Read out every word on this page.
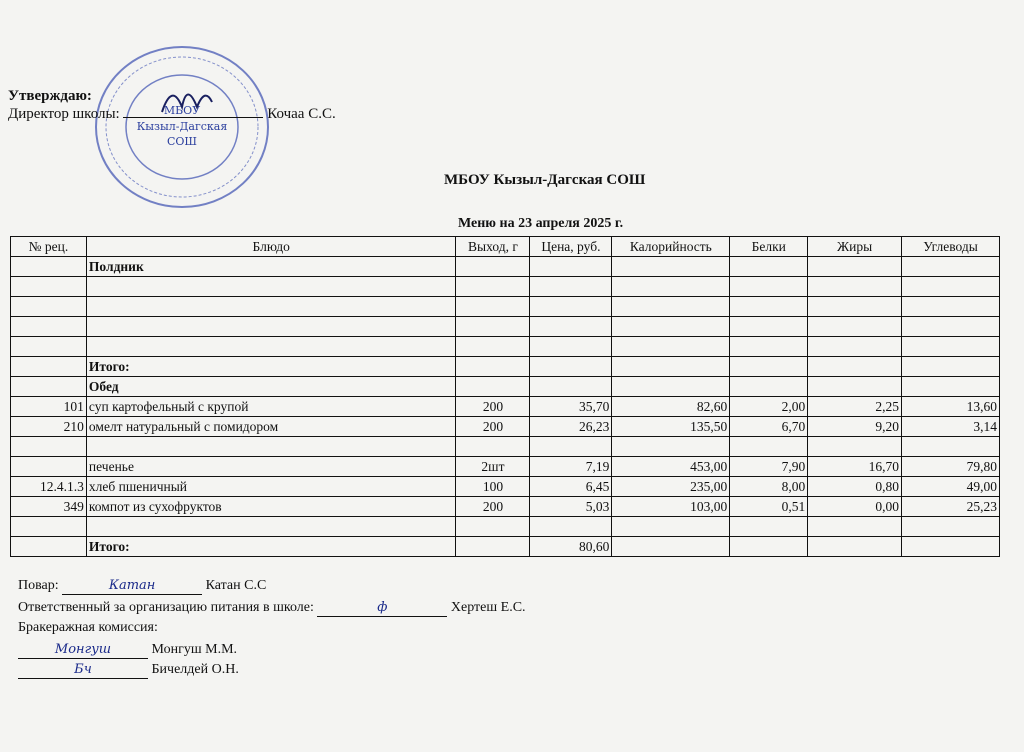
МБОУ
Кызыл-Дагская
СОШ
Утверждаю:
Директор школы:	Кочаа С.С.
МБОУ Кызыл-Дагская СОШ
Меню на 23 апреля 2025 г.
№ рец.	Блюдо	Выход, г	Цена, руб.	Калорийность	Белки	Жиры	Углеводы
	Полдник						

	Итого:						
	Обед						
101	суп картофельный с крупой	200	35,70	82,60	2,00	2,25	13,60
210	омелт натуральный с помидором	200	26,23	135,50	6,70	9,20	3,14

	печенье	2шт	7,19	453,00	7,90	16,70	79,80
12.4.1.3	хлеб пшеничный	100	6,45	235,00	8,00	0,80	49,00
349	компот из сухофруктов	200	5,03	103,00	0,51	0,00	25,23

	Итого:		80,60				
Повар:	Катан	Катан С.С
Ответственный за организацию питания в школе:	ф	Хертеш Е.С.
Бракеражная комиссия:
Монгуш	Монгуш М.М.
Бч	Бичелдей О.Н.
